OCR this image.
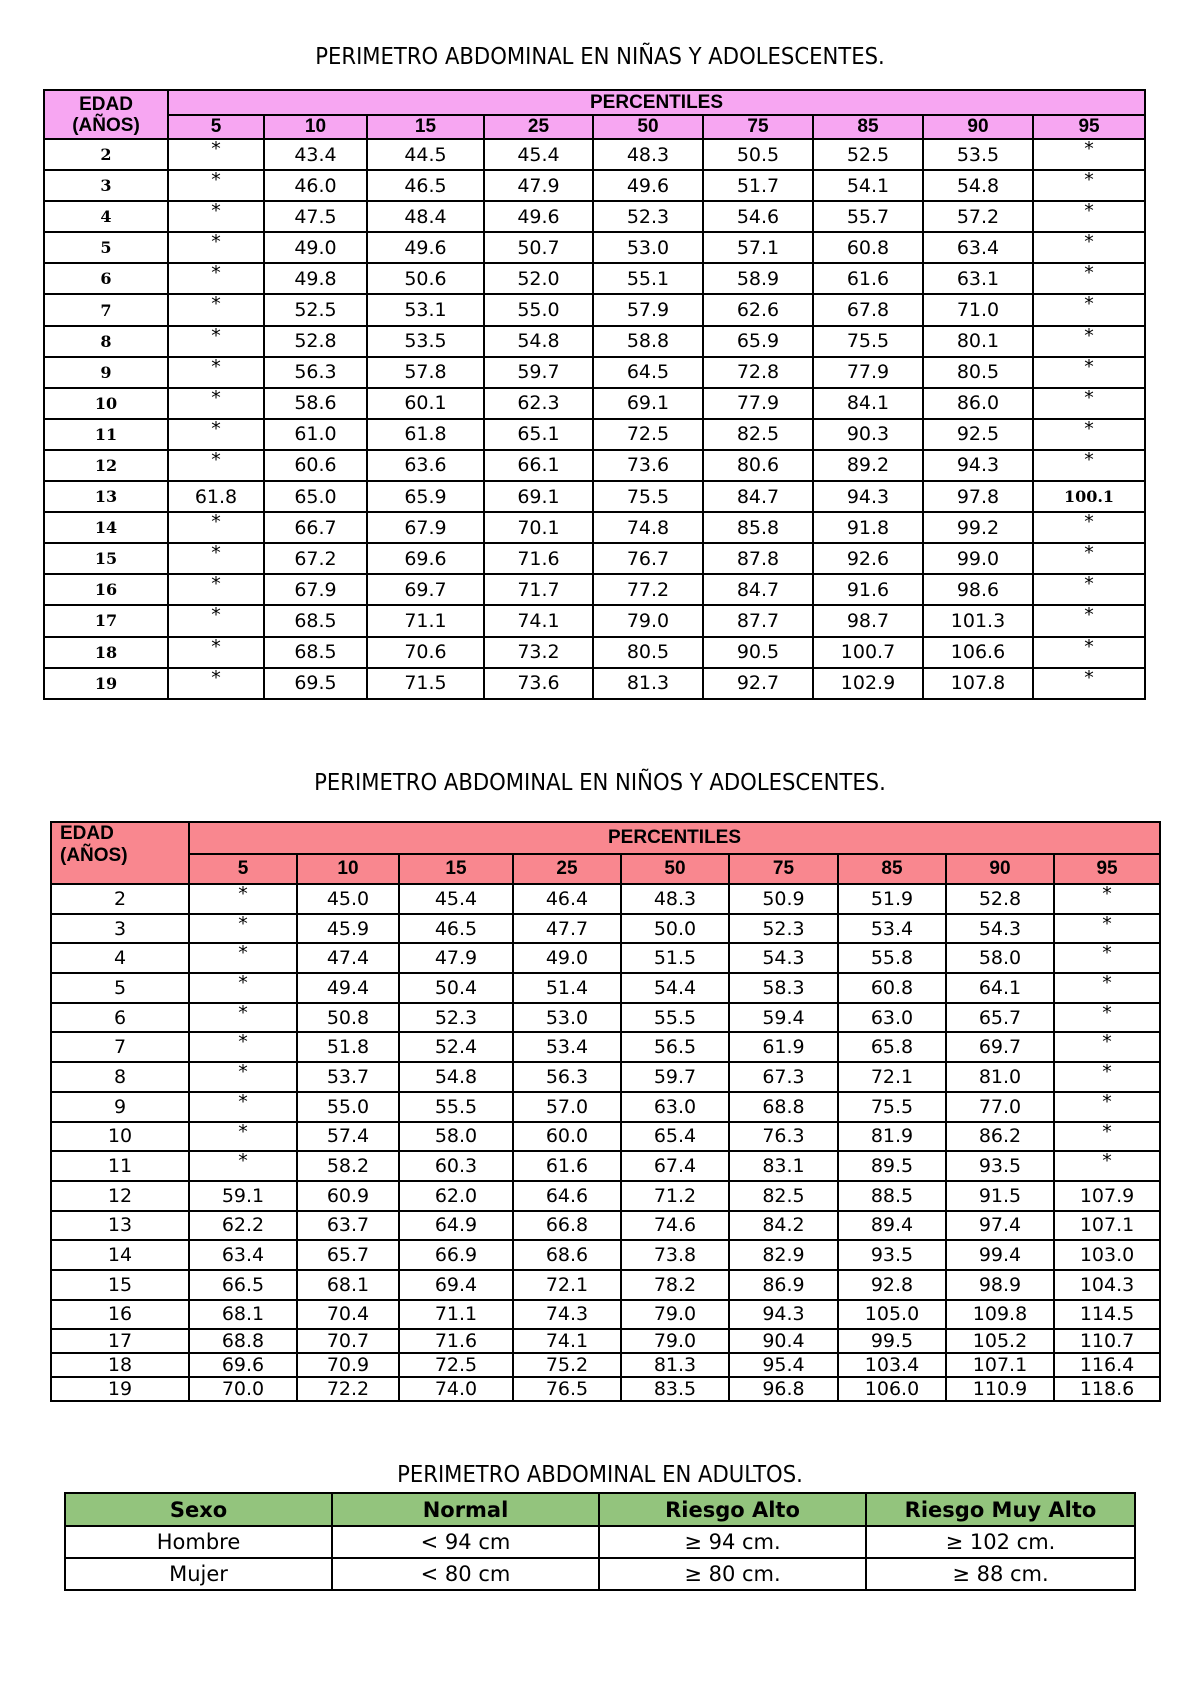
PERIMETRO ABDOMINAL EN NIÑAS Y ADOLESCENTES.
EDAD
(AÑOS)	PERCENTILES								
	5	10	15	25	50	75	85	90	95
2	*	43.4	44.5	45.4	48.3	50.5	52.5	53.5	*
3	*	46.0	46.5	47.9	49.6	51.7	54.1	54.8	*
4	*	47.5	48.4	49.6	52.3	54.6	55.7	57.2	*
5	*	49.0	49.6	50.7	53.0	57.1	60.8	63.4	*
6	*	49.8	50.6	52.0	55.1	58.9	61.6	63.1	*
7	*	52.5	53.1	55.0	57.9	62.6	67.8	71.0	*
8	*	52.8	53.5	54.8	58.8	65.9	75.5	80.1	*
9	*	56.3	57.8	59.7	64.5	72.8	77.9	80.5	*
10	*	58.6	60.1	62.3	69.1	77.9	84.1	86.0	*
11	*	61.0	61.8	65.1	72.5	82.5	90.3	92.5	*
12	*	60.6	63.6	66.1	73.6	80.6	89.2	94.3	*
13	61.8	65.0	65.9	69.1	75.5	84.7	94.3	97.8	100.1
14	*	66.7	67.9	70.1	74.8	85.8	91.8	99.2	*
15	*	67.2	69.6	71.6	76.7	87.8	92.6	99.0	*
16	*	67.9	69.7	71.7	77.2	84.7	91.6	98.6	*
17	*	68.5	71.1	74.1	79.0	87.7	98.7	101.3	*
18	*	68.5	70.6	73.2	80.5	90.5	100.7	106.6	*
19	*	69.5	71.5	73.6	81.3	92.7	102.9	107.8	*
PERIMETRO ABDOMINAL EN NIÑOS Y ADOLESCENTES.
EDAD
(AÑOS)	PERCENTILES								
	5	10	15	25	50	75	85	90	95
2	*	45.0	45.4	46.4	48.3	50.9	51.9	52.8	*
3	*	45.9	46.5	47.7	50.0	52.3	53.4	54.3	*
4	*	47.4	47.9	49.0	51.5	54.3	55.8	58.0	*
5	*	49.4	50.4	51.4	54.4	58.3	60.8	64.1	*
6	*	50.8	52.3	53.0	55.5	59.4	63.0	65.7	*
7	*	51.8	52.4	53.4	56.5	61.9	65.8	69.7	*
8	*	53.7	54.8	56.3	59.7	67.3	72.1	81.0	*
9	*	55.0	55.5	57.0	63.0	68.8	75.5	77.0	*
10	*	57.4	58.0	60.0	65.4	76.3	81.9	86.2	*
11	*	58.2	60.3	61.6	67.4	83.1	89.5	93.5	*
12	59.1	60.9	62.0	64.6	71.2	82.5	88.5	91.5	107.9
13	62.2	63.7	64.9	66.8	74.6	84.2	89.4	97.4	107.1
14	63.4	65.7	66.9	68.6	73.8	82.9	93.5	99.4	103.0
15	66.5	68.1	69.4	72.1	78.2	86.9	92.8	98.9	104.3
16	68.1	70.4	71.1	74.3	79.0	94.3	105.0	109.8	114.5
17	68.8	70.7	71.6	74.1	79.0	90.4	99.5	105.2	110.7
18	69.6	70.9	72.5	75.2	81.3	95.4	103.4	107.1	116.4
19	70.0	72.2	74.0	76.5	83.5	96.8	106.0	110.9	118.6
PERIMETRO ABDOMINAL EN ADULTOS.
Sexo	Normal	Riesgo Alto	Riesgo Muy Alto
Hombre	< 94 cm	≥ 94 cm.	≥ 102 cm.
Mujer	< 80 cm	≥ 80 cm.	≥ 88 cm.
